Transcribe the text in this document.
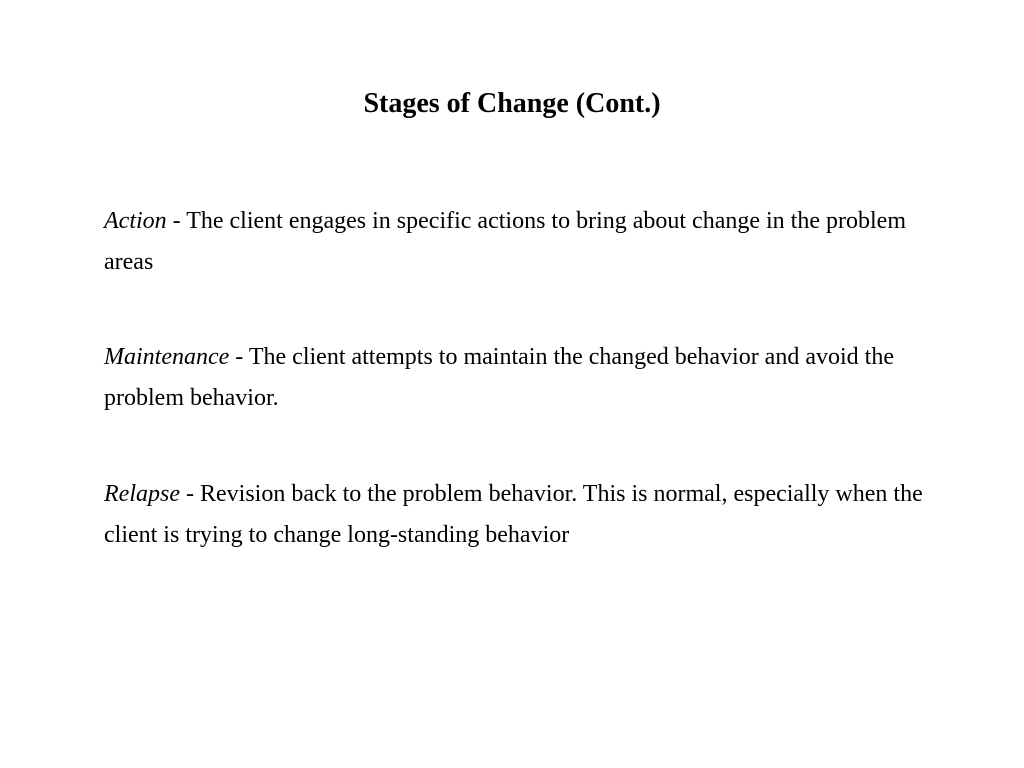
Stages of Change (Cont.)

Action - The client engages in specific actions to bring about change in the problem areas

Maintenance - The client attempts to maintain the changed behavior and avoid the problem behavior.

Relapse - Revision back to the problem behavior. This is normal, especially when the client is trying to change long-standing behavior
